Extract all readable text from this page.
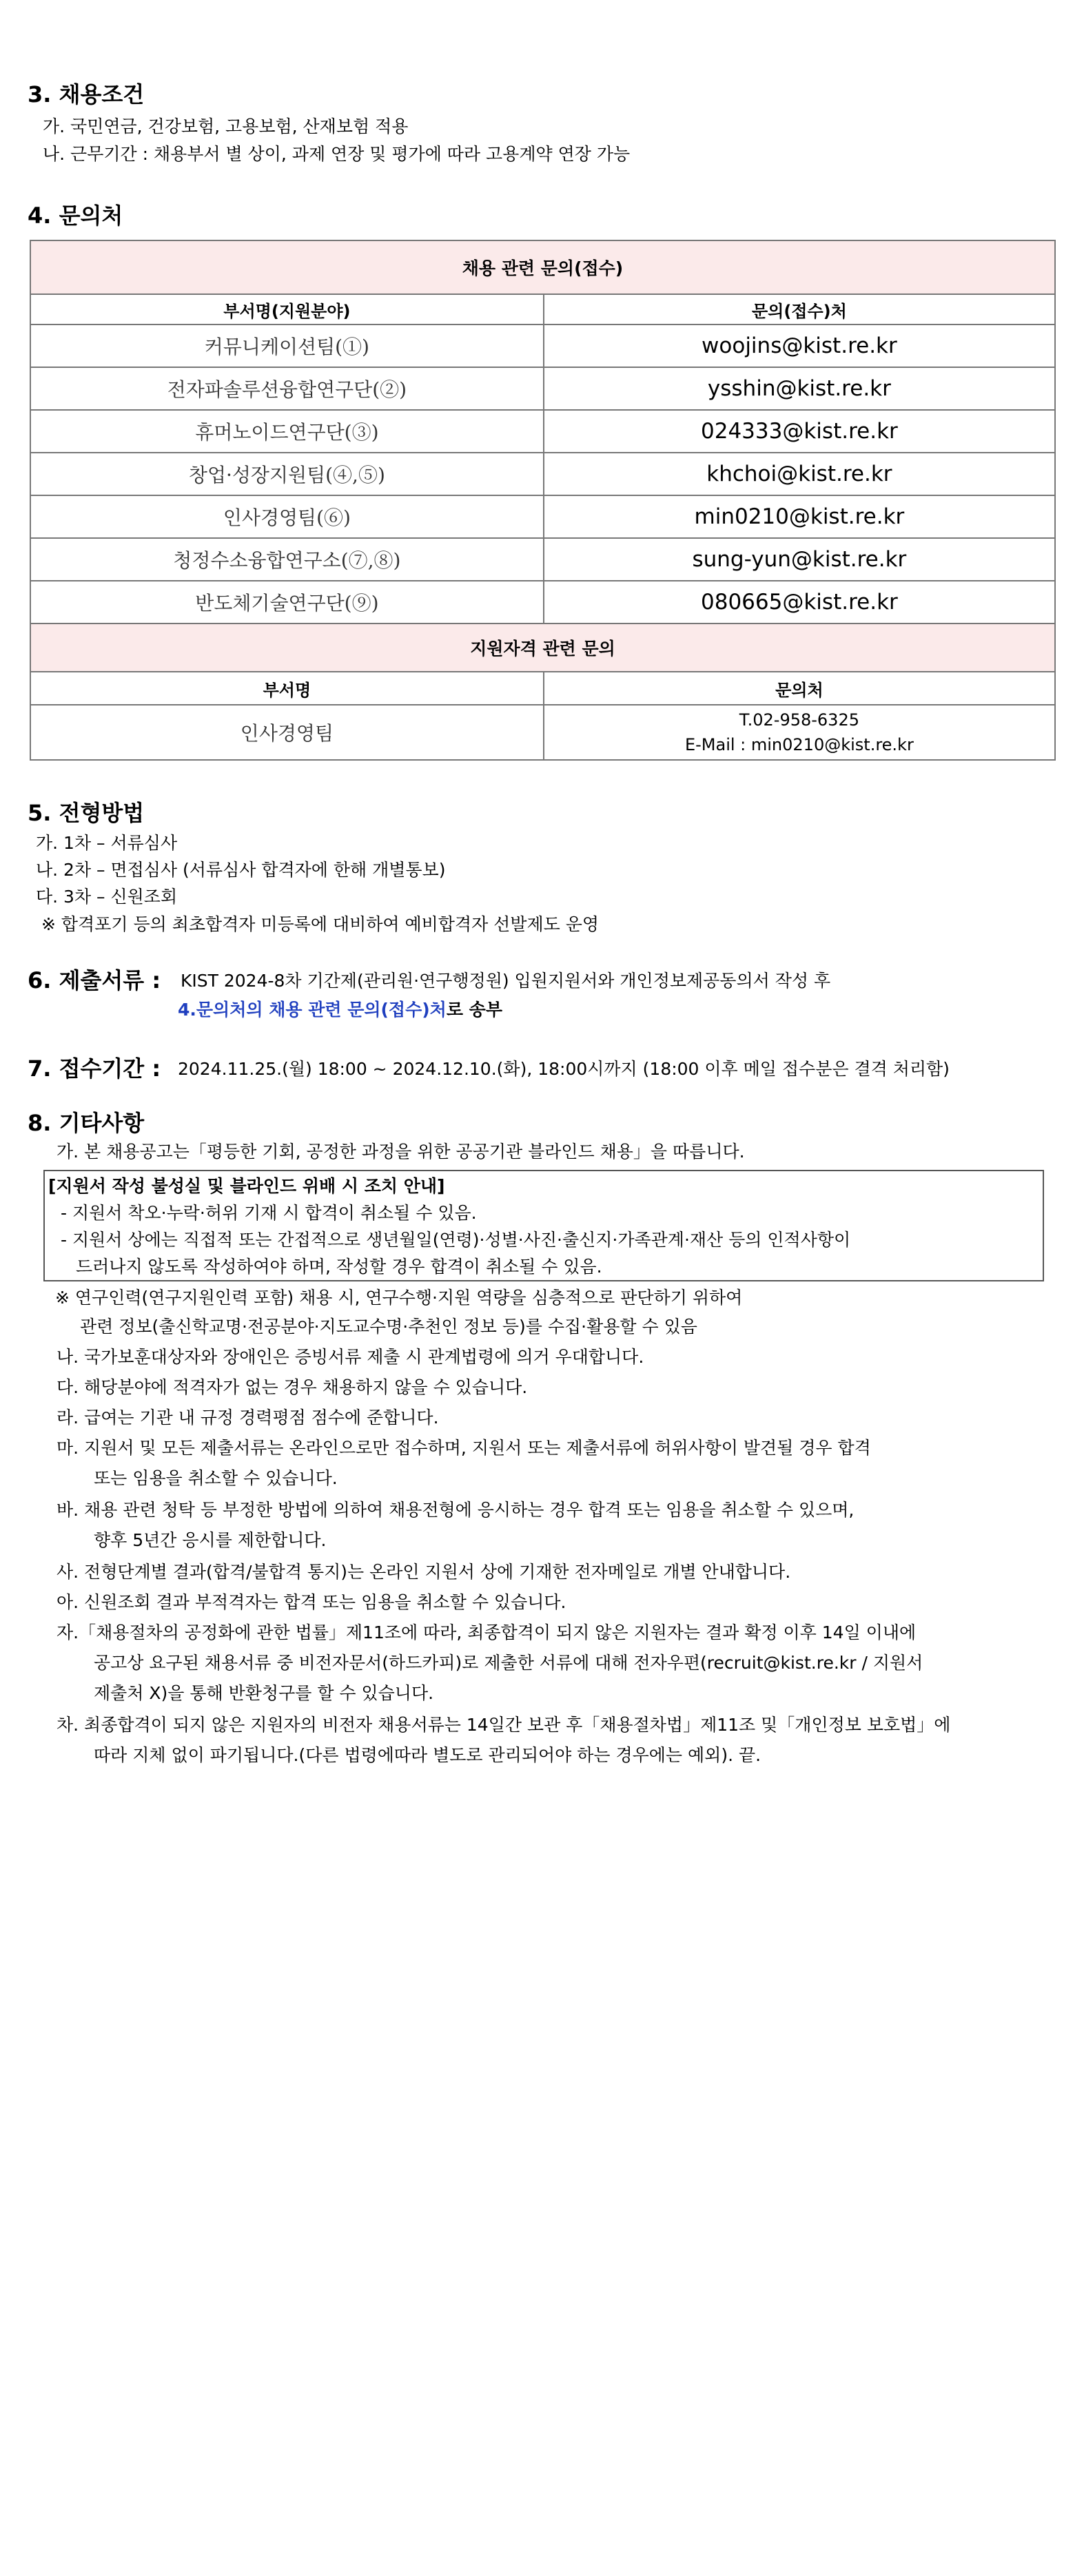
3. 채용조건
가. 국민연금, 건강보험, 고용보험, 산재보험 적용
나. 근무기간 : 채용부서 별 상이, 과제 연장 및 평가에 따라 고용계약 연장 가능
4. 문의처
채용 관련 문의(접수)	
부서명(지원분야)	문의(접수)처
커뮤니케이션팀(①)	woojins@kist.re.kr
전자파솔루션융합연구단(②)	ysshin@kist.re.kr
휴머노이드연구단(③)	024333@kist.re.kr
창업·성장지원팀(④,⑤)	khchoi@kist.re.kr
인사경영팀(⑥)	min0210@kist.re.kr
청정수소융합연구소(⑦,⑧)	sung-yun@kist.re.kr
반도체기술연구단(⑨)	080665@kist.re.kr
지원자격 관련 문의	
부서명	문의처
인사경영팀	T.02-958-6325
E-Mail : min0210@kist.re.kr
5. 전형방법
가. 1차 – 서류심사
나. 2차 – 면접심사 (서류심사 합격자에 한해 개별통보)
다. 3차 – 신원조회
※ 합격포기 등의 최초합격자 미등록에 대비하여 예비합격자 선발제도 운영
6. 제출서류 : KIST 2024-8차 기간제(관리원·연구행정원) 입원지원서와 개인정보제공동의서 작성 후
4.문의처의 채용 관련 문의(접수)처로 송부
7. 접수기간 : 2024.11.25.(월) 18:00 ~ 2024.12.10.(화), 18:00시까지 (18:00 이후 메일 접수분은 결격 처리함)
8. 기타사항
가. 본 채용공고는「평등한 기회, 공정한 과정을 위한 공공기관 블라인드 채용」을 따릅니다.
[지원서 작성 불성실 및 블라인드 위배 시 조치 안내]
- 지원서 착오·누락·허위 기재 시 합격이 취소될 수 있음.
- 지원서 상에는 직접적 또는 간접적으로 생년월일(연령)·성별·사진·출신지·가족관계·재산 등의 인적사항이
드러나지 않도록 작성하여야 하며, 작성할 경우 합격이 취소될 수 있음.
※ 연구인력(연구지원인력 포함) 채용 시, 연구수행·지원 역량을 심층적으로 판단하기 위하여
관련 정보(출신학교명·전공분야·지도교수명·추천인 정보 등)를 수집·활용할 수 있음
나. 국가보훈대상자와 장애인은 증빙서류 제출 시 관계법령에 의거 우대합니다.
다. 해당분야에 적격자가 없는 경우 채용하지 않을 수 있습니다.
라. 급여는 기관 내 규정 경력평점 점수에 준합니다.
마. 지원서 및 모든 제출서류는 온라인으로만 접수하며, 지원서 또는 제출서류에 허위사항이 발견될 경우 합격
또는 임용을 취소할 수 있습니다.
바. 채용 관련 청탁 등 부정한 방법에 의하여 채용전형에 응시하는 경우 합격 또는 임용을 취소할 수 있으며,
향후 5년간 응시를 제한합니다.
사. 전형단계별 결과(합격/불합격 통지)는 온라인 지원서 상에 기재한 전자메일로 개별 안내합니다.
아. 신원조회 결과 부적격자는 합격 또는 임용을 취소할 수 있습니다.
자.「채용절차의 공정화에 관한 법률」제11조에 따라, 최종합격이 되지 않은 지원자는 결과 확정 이후 14일 이내에
공고상 요구된 채용서류 중 비전자문서(하드카피)로 제출한 서류에 대해 전자우편(recruit@kist.re.kr / 지원서
제출처 X)을 통해 반환청구를 할 수 있습니다.
차. 최종합격이 되지 않은 지원자의 비전자 채용서류는 14일간 보관 후「채용절차법」제11조 및「개인정보 보호법」에
따라 지체 없이 파기됩니다.(다른 법령에따라 별도로 관리되어야 하는 경우에는 예외). 끝.
